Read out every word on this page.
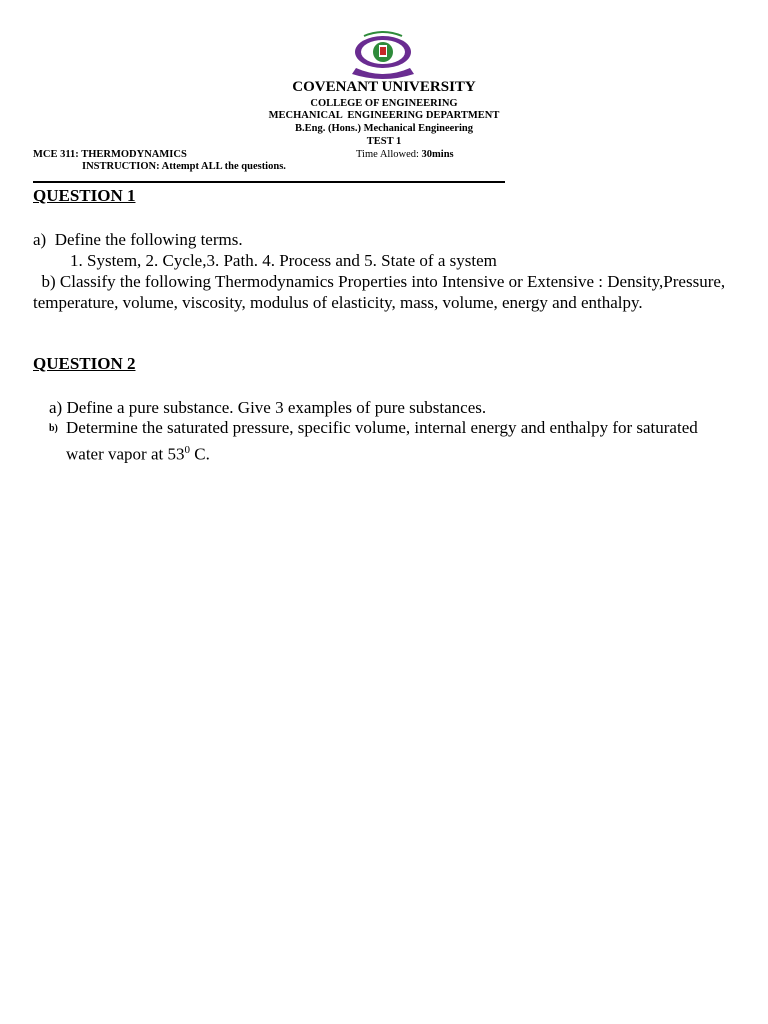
COVENANT UNIVERSITY
COLLEGE OF ENGINEERING
MECHANICAL  ENGINEERING DEPARTMENT
B.Eng. (Hons.) Mechanical Engineering
TEST 1
MCE 311: THERMODYNAMICS	Time Allowed: 30mins
INSTRUCTION: Attempt ALL the questions.
QUESTION 1
a)  Define the following terms.
1. System, 2. Cycle,3. Path. 4. Process and 5. State of a system
b) Classify the following Thermodynamics Properties into Intensive or Extensive : Density,Pressure, temperature, volume, viscosity, modulus of elasticity, mass, volume, energy and enthalpy.
QUESTION 2
a) Define a pure substance. Give 3 examples of pure substances.
b) Determine the saturated pressure, specific volume, internal energy and enthalpy for saturated water vapor at $53^0$ C.
